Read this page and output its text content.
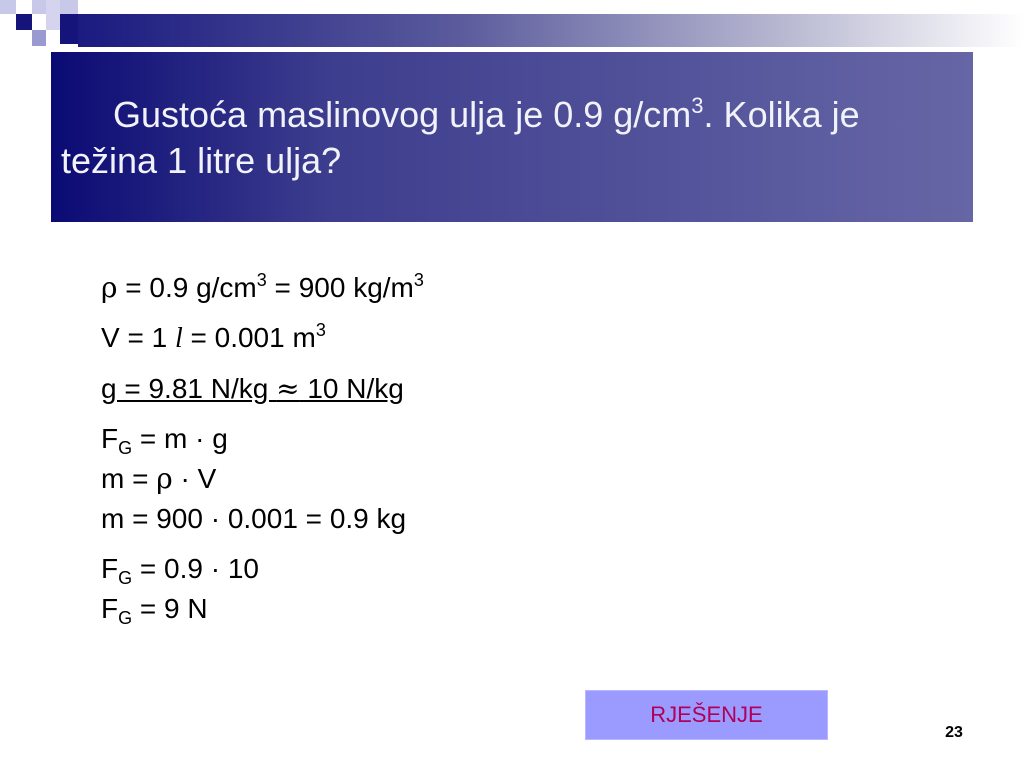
Gustoća maslinovog ulja je 0.9 $g/cm^3$. Kolika je težina 1 litre ulja?
ρ = 0.9 $g/cm^3 = 900$ $kg/m^3$
V = 1 l = 0.001 $m^3$
g = 9.81 N/kg ≈ 10 N/kg
$F_G = m \cdot g$
m = ρ · V
m = 900 · 0.001 = 0.9 kg
$F_G = 0.9 \cdot 10$
$F_G = 9$ N
RJEŠENJE
23
